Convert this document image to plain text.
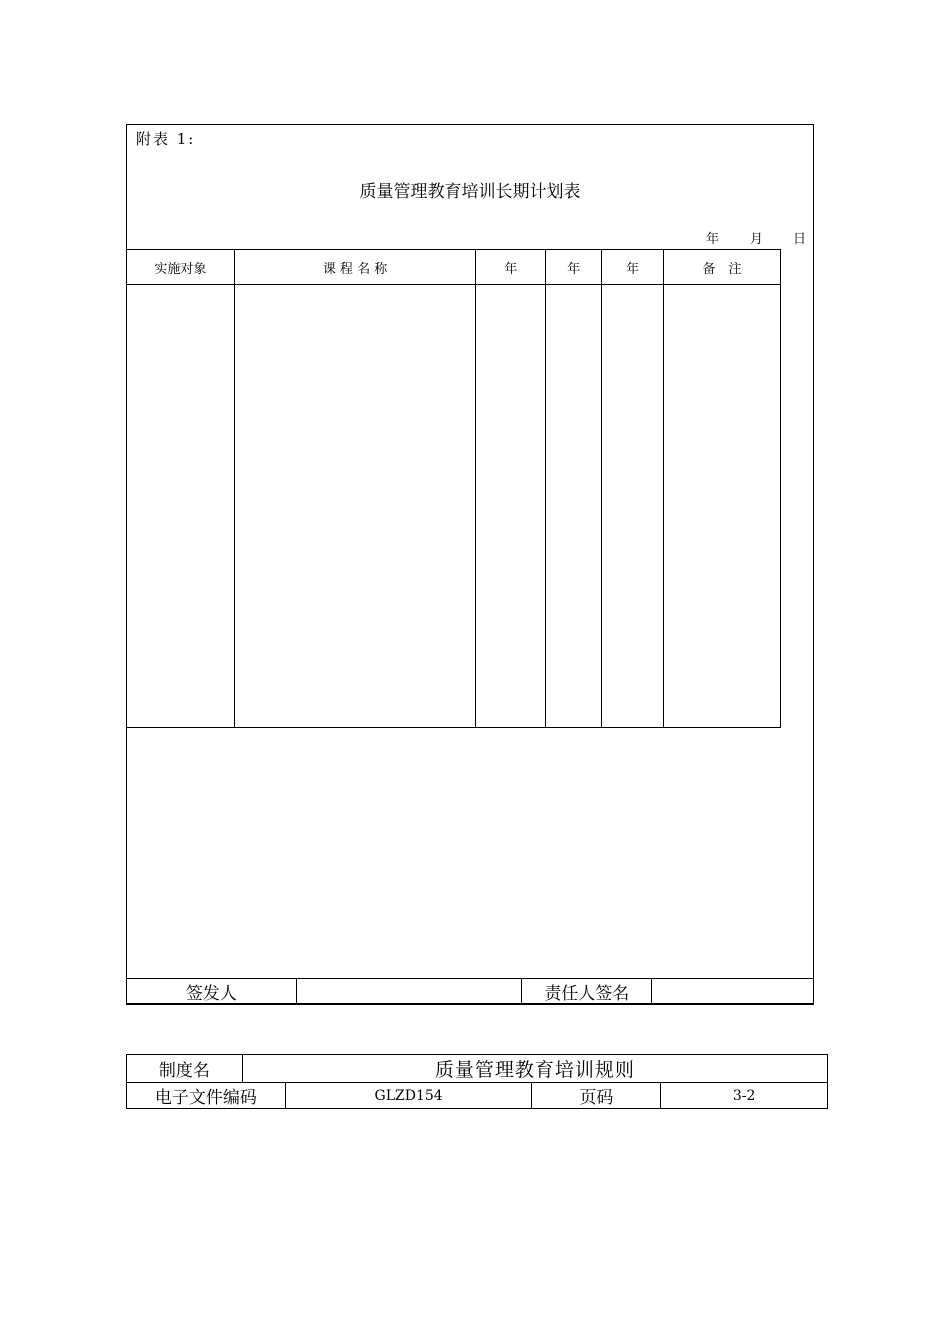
附表 1:
质量管理教育培训长期计划表
年 月 日
实施对象	课 程 名 称	年	年	年	备　注

签发人		责任人签名	
制度名	质量管理教育培训规则			
电子文件编码		GLZD154	页码	3-2
